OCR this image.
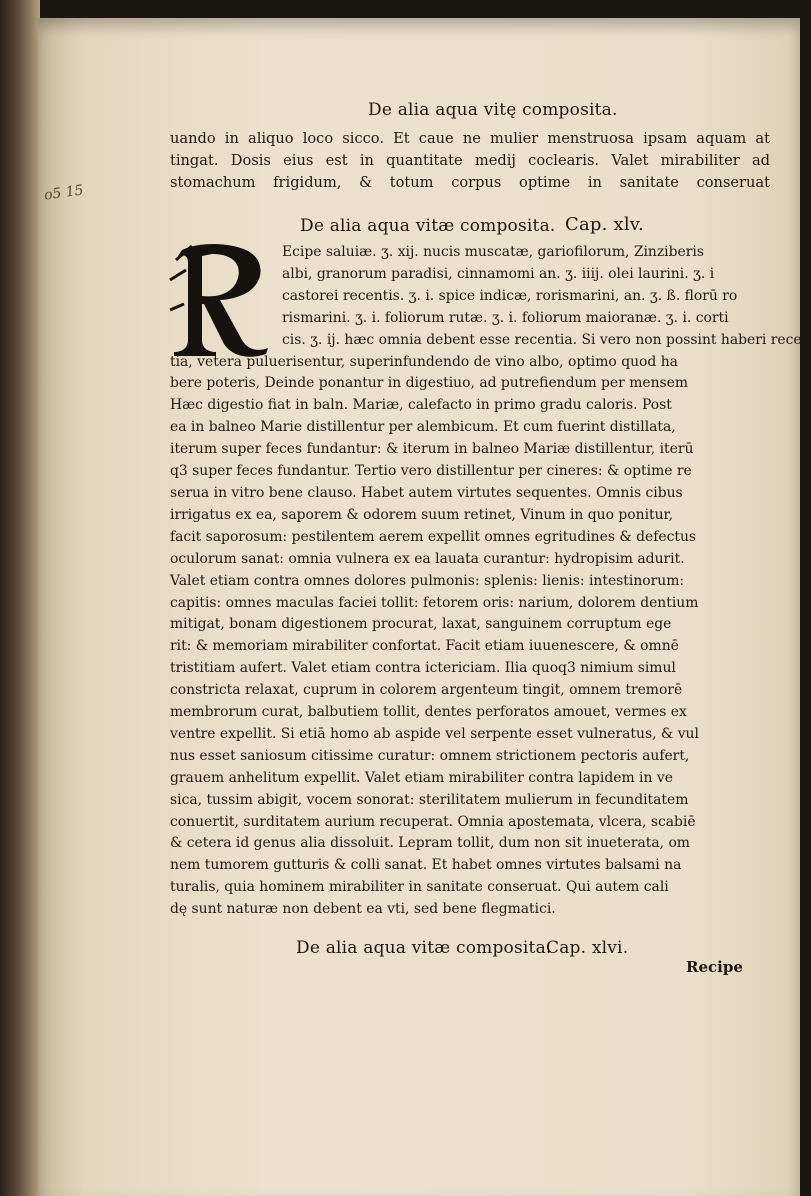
o5 15
De alia aqua vitę composita.
uando in aliquo loco sicco. Et caue ne mulier menstruosa ipsam aquam at
tingat. Dosis eius est in quantitate medij coclearis. Valet mirabiliter ad
stomachum frigidum, & totum corpus optime in sanitate conseruat
De alia aqua vitæ composita. Cap. xlv.
Ecipe saluiæ. ʒ. xij. nucis muscatæ, gariofilorum, Zinziberis
albi, granorum paradisi, cinnamomi an. ʒ. iiij. olei laurini. ʒ. i
castorei recentis. ʒ. i. spice indicæ, rorismarini, an. ʒ. ß. florū ro
rismarini. ʒ. i. foliorum rutæ. ʒ. i. foliorum maioranæ. ʒ. i. corti
cis. ʒ. ij. hæc omnia debent esse recentia. Si vero non possint haberi recen
tia, vetera puluerisentur, superinfundendo de vino albo, optimo quod ha
bere poteris, Deinde ponantur in digestiuo, ad putrefiendum per mensem
Hæc digestio fiat in baln. Mariæ, calefacto in primo gradu caloris. Post
ea in balneo Marie distillentur per alembicum. Et cum fuerint distillata,
iterum super feces fundantur: & iterum in balneo Mariæ distillentur, iterū
q3 super feces fundantur. Tertio vero distillentur per cineres: & optime re
serua in vitro bene clauso. Habet autem virtutes sequentes. Omnis cibus
irrigatus ex ea, saporem & odorem suum retinet, Vinum in quo ponitur,
facit saporosum: pestilentem aerem expellit omnes egritudines & defectus
oculorum sanat: omnia vulnera ex ea lauata curantur: hydropisim adurit.
Valet etiam contra omnes dolores pulmonis: splenis: lienis: intestinorum:
capitis: omnes maculas faciei tollit: fetorem oris: narium, dolorem dentium
mitigat, bonam digestionem procurat, laxat, sanguinem corruptum ege
rit: & memoriam mirabiliter confortat. Facit etiam iuuenescere, & omnē
tristitiam aufert. Valet etiam contra ictericiam. Ilia quoq3 nimium simul
constricta relaxat, cuprum in colorem argenteum tingit, omnem tremorē
membrorum curat, balbutiem tollit, dentes perforatos amouet, vermes ex
ventre expellit. Si etiā homo ab aspide vel serpente esset vulneratus, & vul
nus esset saniosum citissime curatur: omnem strictionem pectoris aufert,
grauem anhelitum expellit. Valet etiam mirabiliter contra lapidem in ve
sica, tussim abigit, vocem sonorat: sterilitatem mulierum in fecunditatem
conuertit, surditatem aurium recuperat. Omnia apostemata, vlcera, scabiē
& cetera id genus alia dissoluit. Lepram tollit, dum non sit inueterata, om
nem tumorem gutturis & colli sanat. Et habet omnes virtutes balsami na
turalis, quia hominem mirabiliter in sanitate conseruat. Qui autem cali
dę sunt naturæ non debent ea vti, sed bene flegmatici.
De alia aqua vitæ composita.
Cap. xlvi.
Recipe
